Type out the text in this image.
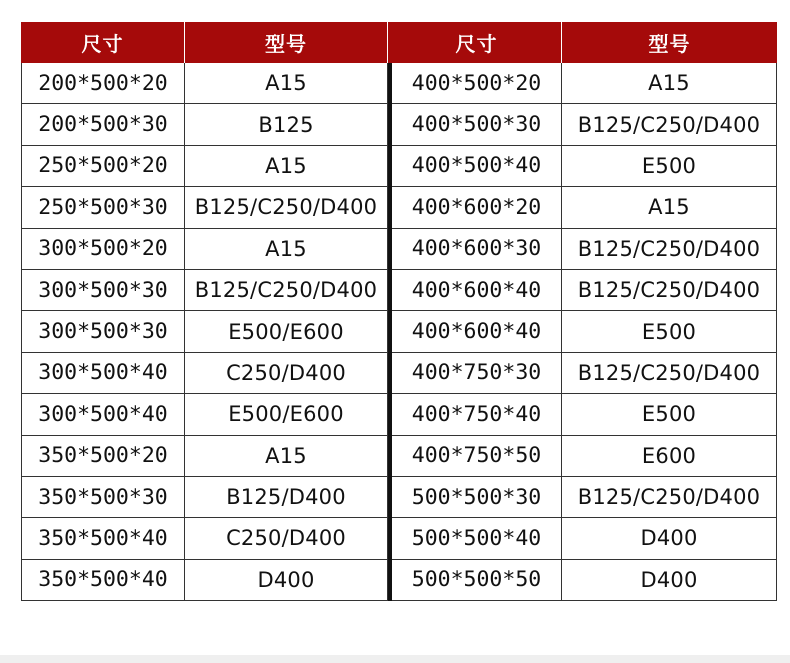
尺寸	型号	尺寸	型号
200*500*20	A15	400*500*20	A15
200*500*30	B125	400*500*30	B125/C250/D400
250*500*20	A15	400*500*40	E500
250*500*30	B125/C250/D400	400*600*20	A15
300*500*20	A15	400*600*30	B125/C250/D400
300*500*30	B125/C250/D400	400*600*40	B125/C250/D400
300*500*30	E500/E600	400*600*40	E500
300*500*40	C250/D400	400*750*30	B125/C250/D400
300*500*40	E500/E600	400*750*40	E500
350*500*20	A15	400*750*50	E600
350*500*30	B125/D400	500*500*30	B125/C250/D400
350*500*40	C250/D400	500*500*40	D400
350*500*40	D400	500*500*50	D400
